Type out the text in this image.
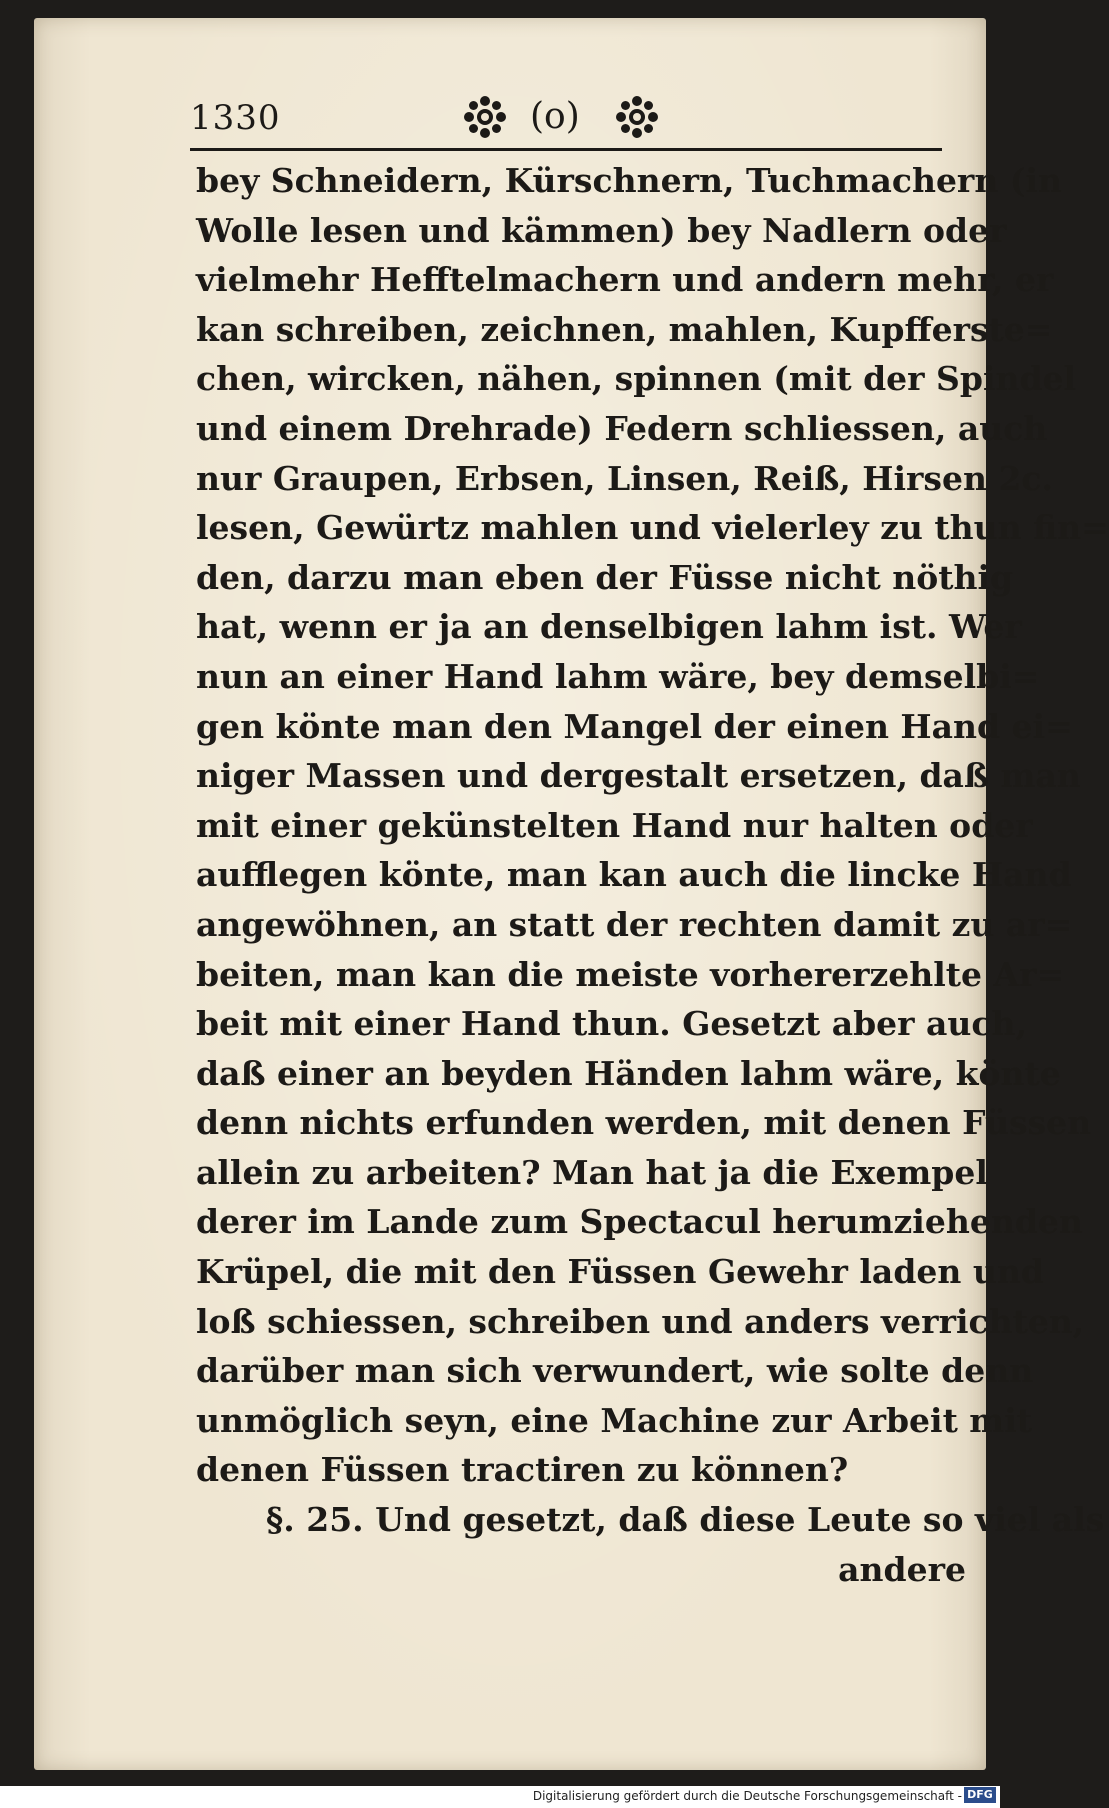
1330	(o)
bey Schneidern, Kürschnern, Tuchmachern (in
Wolle lesen und kämmen) bey Nadlern oder
vielmehr Hefftelmachern und andern mehr, er
kan schreiben, zeichnen, mahlen, Kupfferste=
chen, wircken, nähen, spinnen (mit der Spindel
und einem Drehrade) Federn schliessen, auch
nur Graupen, Erbsen, Linsen, Reiß, Hirsen 2c.
lesen, Gewürtz mahlen und vielerley zu thun fin=
den, darzu man eben der Füsse nicht nöthig
hat, wenn er ja an denselbigen lahm ist. Wer
nun an einer Hand lahm wäre, bey demselbi=
gen könte man den Mangel der einen Hand ei=
niger Massen und dergestalt ersetzen, daß man
mit einer gekünstelten Hand nur halten oder
aufflegen könte, man kan auch die lincke Hand
angewöhnen, an statt der rechten damit zu ar=
beiten, man kan die meiste vorhererzehlte Ar=
beit mit einer Hand thun. Gesetzt aber auch,
daß einer an beyden Händen lahm wäre, könte
denn nichts erfunden werden, mit denen Füssen
allein zu arbeiten? Man hat ja die Exempel
derer im Lande zum Spectacul herumziehenden
Krüpel, die mit den Füssen Gewehr laden und
loß schiessen, schreiben und anders verrichten,
darüber man sich verwundert, wie solte denn
unmöglich seyn, eine Machine zur Arbeit mit
denen Füssen tractiren zu können?
§. 25. Und gesetzt, daß diese Leute so viel als
andere
Digitalisierung gefördert durch die Deutsche Forschungsgemeinschaft - DFG
